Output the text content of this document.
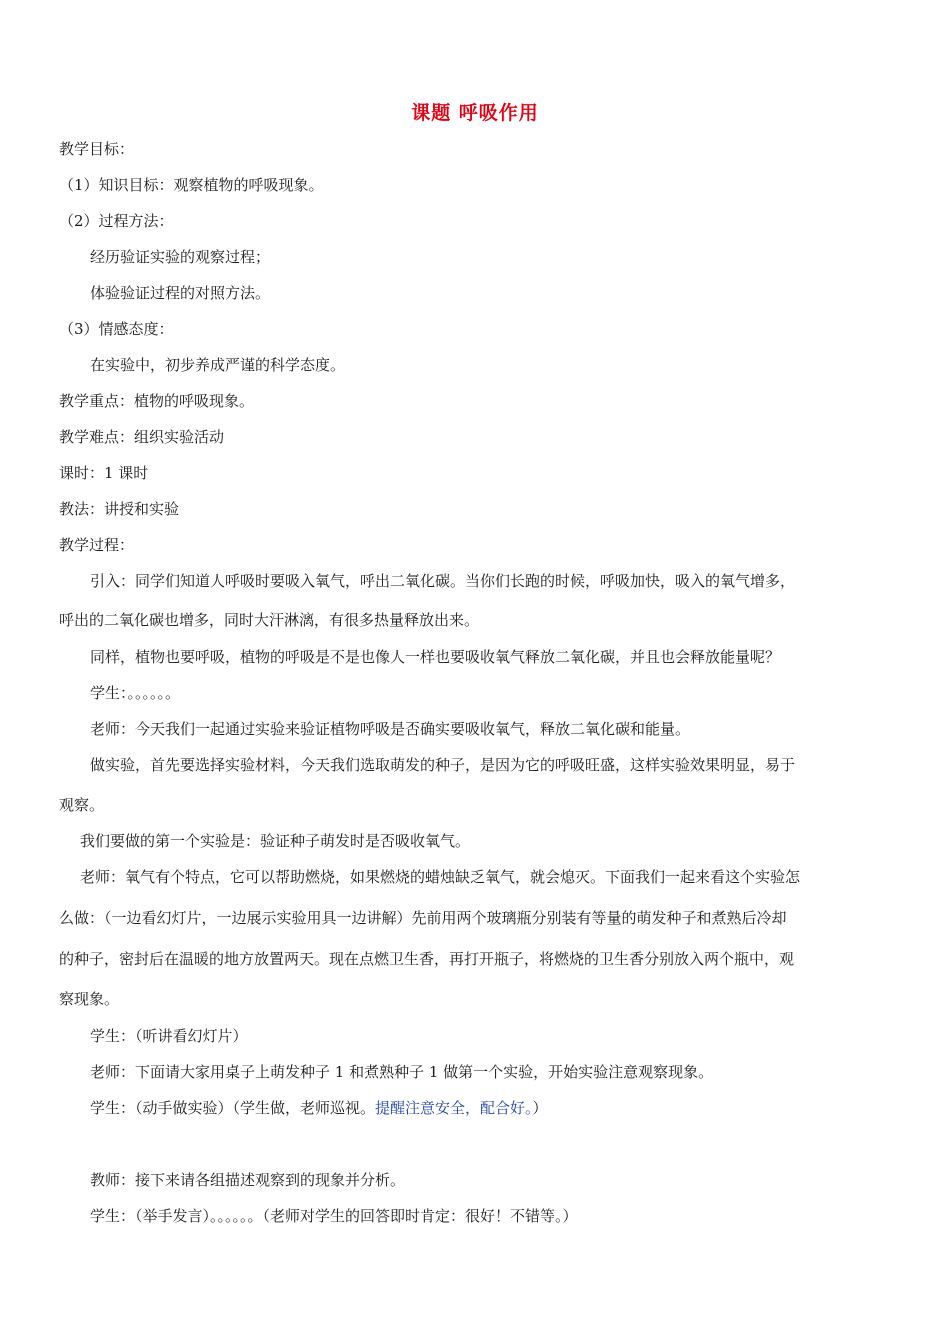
课题 呼吸作用
教学目标：
（1）知识目标：观察植物的呼吸现象。
（2）过程方法：
经历验证实验的观察过程；
体验验证过程的对照方法。
（3）情感态度：
在实验中，初步养成严谨的科学态度。
教学重点：植物的呼吸现象。
教学难点：组织实验活动
课时：1 课时
教法：讲授和实验
教学过程：
引入：同学们知道人呼吸时要吸入氧气，呼出二氧化碳。当你们长跑的时候，呼吸加快，吸入的氧气增多，
呼出的二氧化碳也增多，同时大汗淋漓，有很多热量释放出来。
同样，植物也要呼吸，植物的呼吸是不是也像人一样也要吸收氧气释放二氧化碳，并且也会释放能量呢？
学生：。。。。。。
老师：今天我们一起通过实验来验证植物呼吸是否确实要吸收氧气，释放二氧化碳和能量。
做实验，首先要选择实验材料，今天我们选取萌发的种子，是因为它的呼吸旺盛，这样实验效果明显，易于
观察。
我们要做的第一个实验是：验证种子萌发时是否吸收氧气。
老师：氧气有个特点，它可以帮助燃烧，如果燃烧的蜡烛缺乏氧气，就会熄灭。下面我们一起来看这个实验怎
么做：（一边看幻灯片，一边展示实验用具一边讲解）先前用两个玻璃瓶分别装有等量的萌发种子和煮熟后冷却
的种子，密封后在温暖的地方放置两天。现在点燃卫生香，再打开瓶子，将燃烧的卫生香分别放入两个瓶中，观
察现象。
学生：（听讲看幻灯片）
老师：下面请大家用桌子上萌发种子 1 和煮熟种子 1 做第一个实验，开始实验注意观察现象。
学生：（动手做实验）（学生做，老师巡视。提醒注意安全，配合好。）
教师：接下来请各组描述观察到的现象并分析。
学生：（举手发言）。。。。。。（老师对学生的回答即时肯定：很好！不错等。）
